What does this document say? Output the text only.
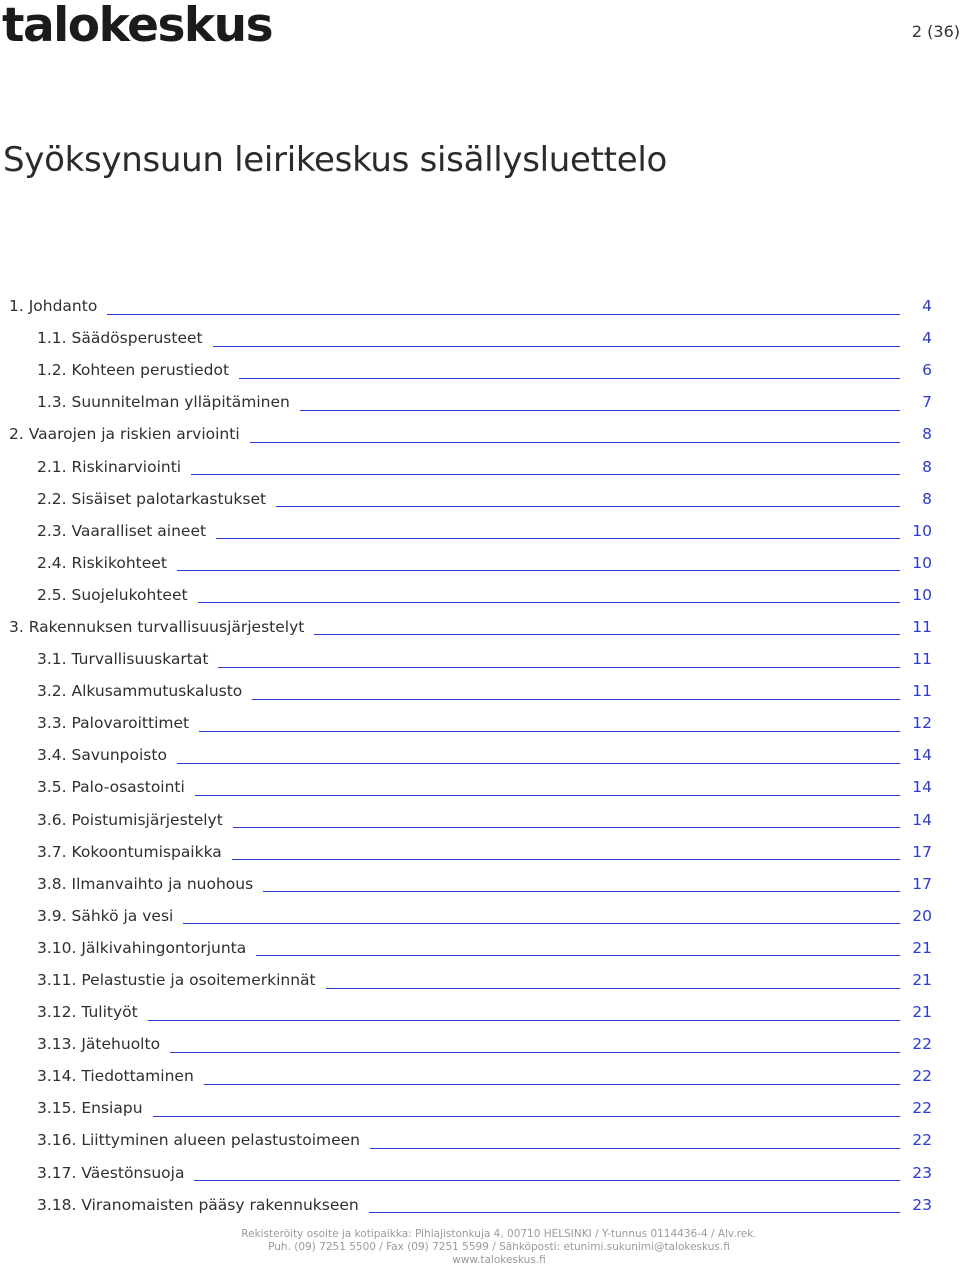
talokeskus	2 (36)
Syöksynsuun leirikeskus sisällysluettelo
1. Johdanto	4
1.1. Säädösperusteet	4
1.2. Kohteen perustiedot	6
1.3. Suunnitelman ylläpitäminen	7
2. Vaarojen ja riskien arviointi	8
2.1. Riskinarviointi	8
2.2. Sisäiset palotarkastukset	8
2.3. Vaaralliset aineet	10
2.4. Riskikohteet	10
2.5. Suojelukohteet	10
3. Rakennuksen turvallisuusjärjestelyt	11
3.1. Turvallisuuskartat	11
3.2. Alkusammutuskalusto	11
3.3. Palovaroittimet	12
3.4. Savunpoisto	14
3.5. Palo-osastointi	14
3.6. Poistumisjärjestelyt	14
3.7. Kokoontumispaikka	17
3.8. Ilmanvaihto ja nuohous	17
3.9. Sähkö ja vesi	20
3.10. Jälkivahingontorjunta	21
3.11. Pelastustie ja osoitemerkinnät	21
3.12. Tulityöt	21
3.13. Jätehuolto	22
3.14. Tiedottaminen	22
3.15. Ensiapu	22
3.16. Liittyminen alueen pelastustoimeen	22
3.17. Väestönsuoja	23
3.18. Viranomaisten pääsy rakennukseen	23
Rekisteröity osoite ja kotipaikka: Pihlajistonkuja 4, 00710 HELSINKI / Y-tunnus 0114436-4 / Alv.rek.
Puh. (09) 7251 5500 / Fax (09) 7251 5599 / Sähköposti: etunimi.sukunimi@talokeskus.fi
www.talokeskus.fi
